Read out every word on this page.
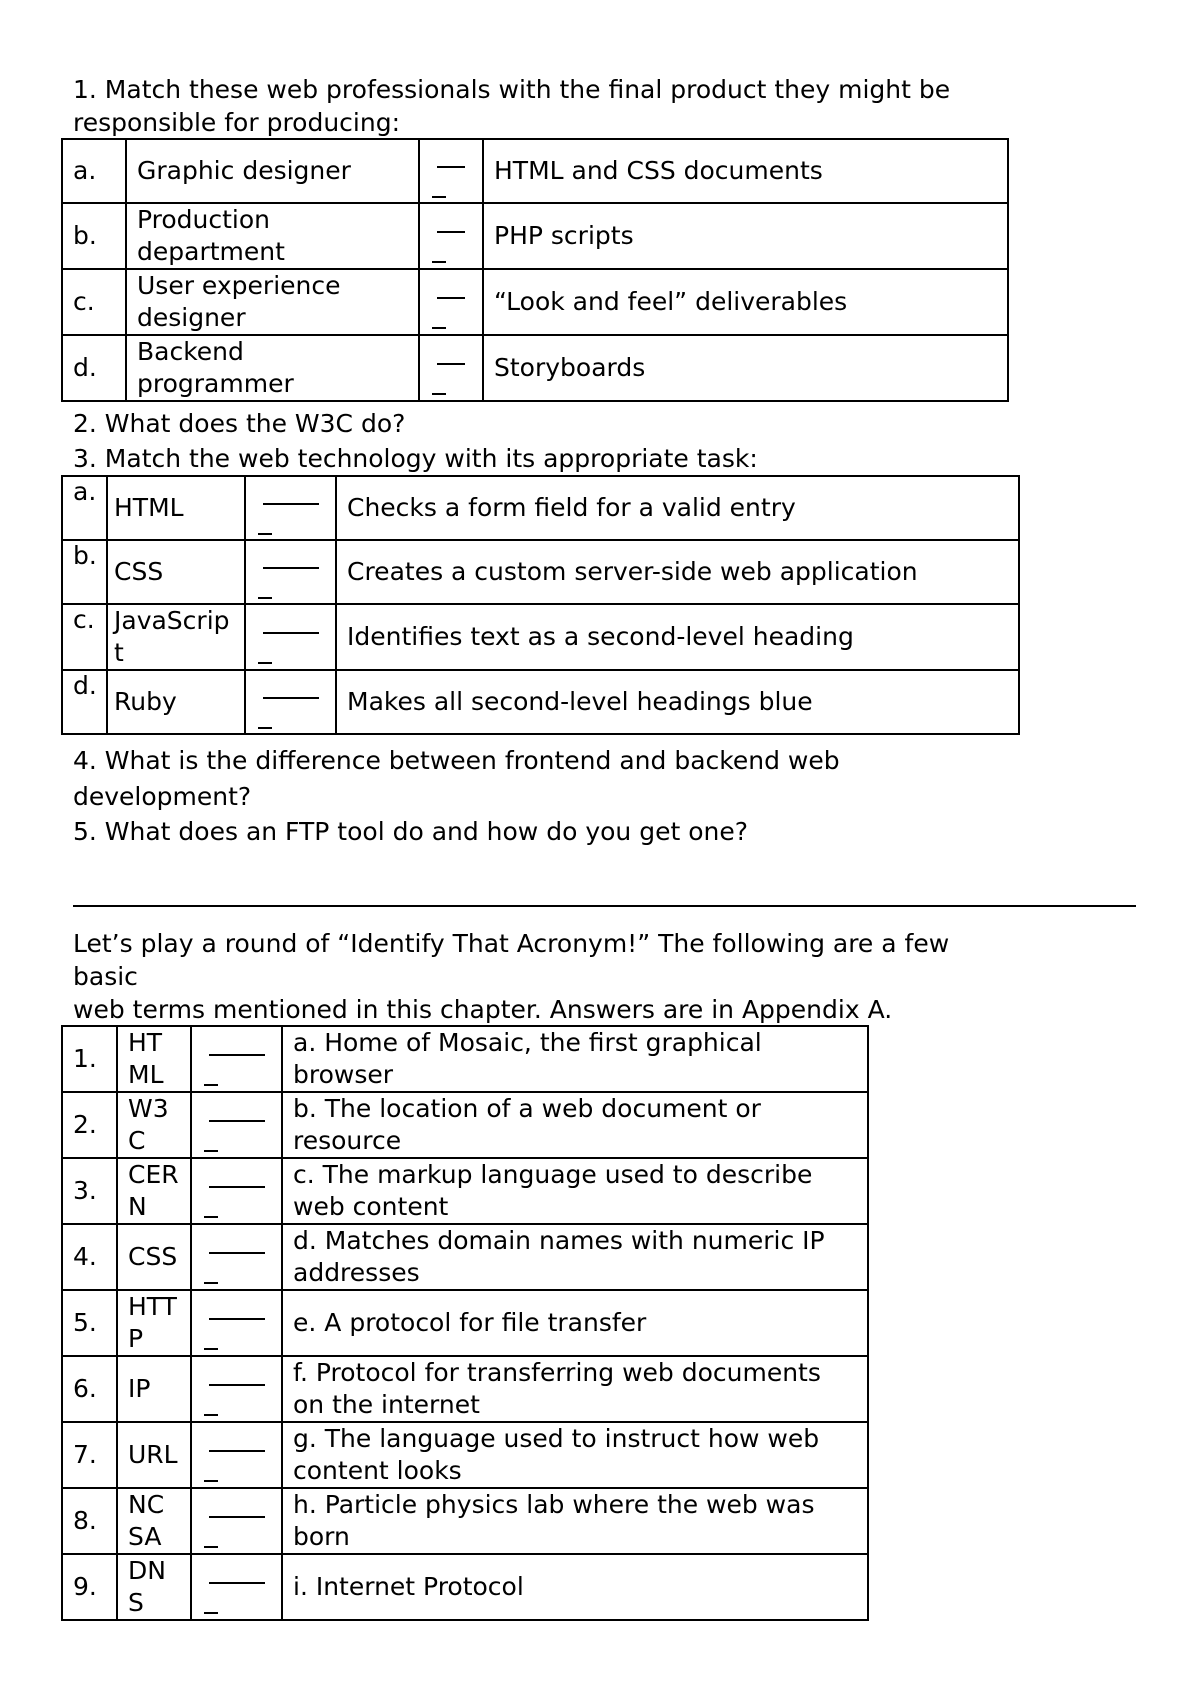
1. Match these web professionals with the final product they might be

responsible for producing:

a.	Graphic designer		HTML and CSS documents
b.	Production department		PHP scripts
c.	User experience designer		“Look and feel” deliverables
d.	Backend programmer		Storyboards

2. What does the W3C do?

3. Match the web technology with its appropriate task:

a.	HTML		Checks a form field for a valid entry
b.	CSS		Creates a custom server-side web application
c.	JavaScript		Identifies text as a second-level heading
d.	Ruby		Makes all second-level headings blue

4. What is the difference between frontend and backend web

development?

5. What does an FTP tool do and how do you get one?

Let’s play a round of “Identify That Acronym!” The following are a few

basic

web terms mentioned in this chapter. Answers are in Appendix A.

1.	HTML		a. Home of Mosaic, the first graphical browser
2.	W3C		b. The location of a web document or resource
3.	CERN		c. The markup language used to describe web content
4.	CSS		d. Matches domain names with numeric IP addresses
5.	HTTP		e. A protocol for file transfer
6.	IP		f. Protocol for transferring web documents on the internet
7.	URL		g. The language used to instruct how web content looks
8.	NCSA		h. Particle physics lab where the web was born
9.	DNS		i. Internet Protocol
